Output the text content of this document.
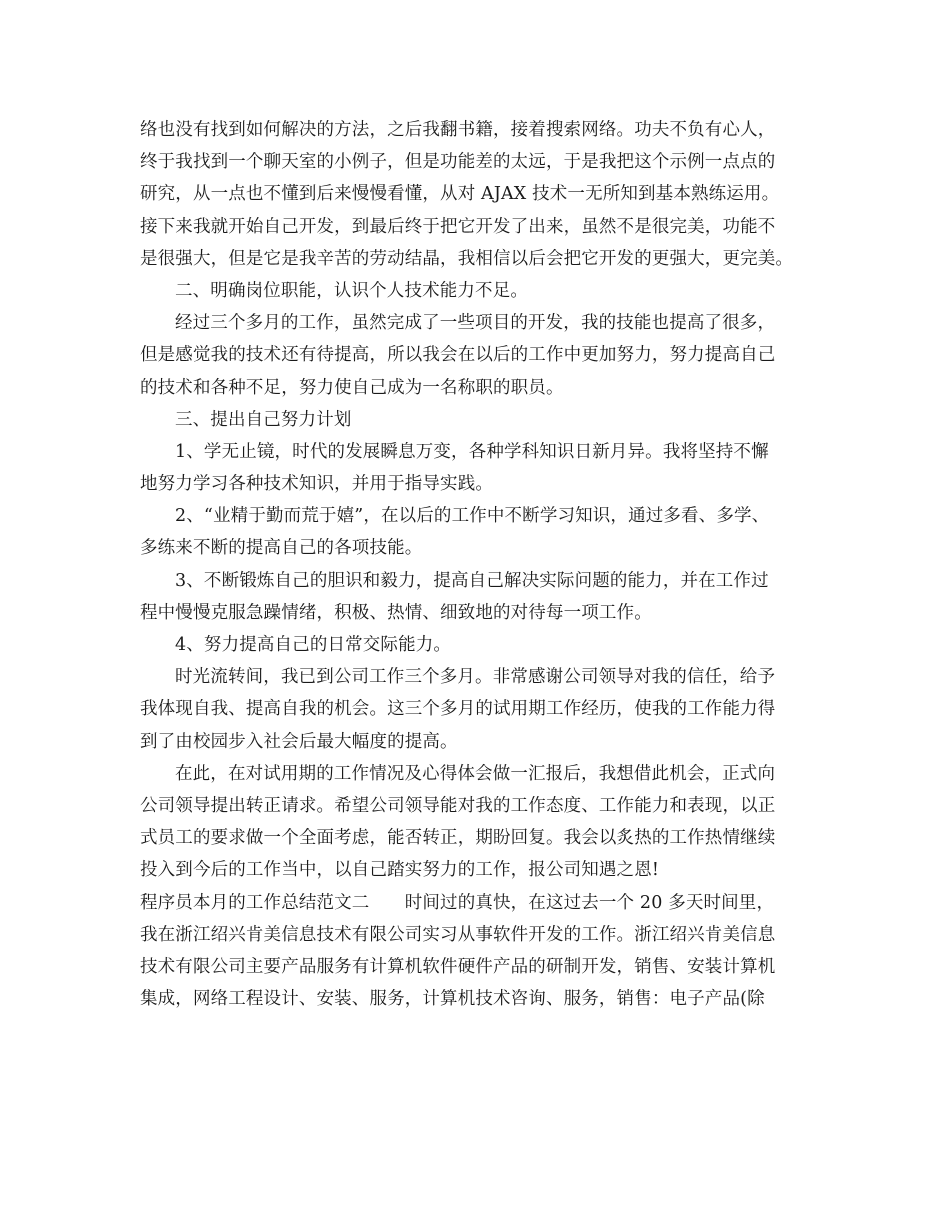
络也没有找到如何解决的方法，之后我翻书籍，接着搜索网络。功夫不负有心人，
终于我找到一个聊天室的小例子，但是功能差的太远，于是我把这个示例一点点的
研究，从一点也不懂到后来慢慢看懂，从对 AJAX 技术一无所知到基本熟练运用。
接下来我就开始自己开发，到最后终于把它开发了出来，虽然不是很完美，功能不
是很强大，但是它是我辛苦的劳动结晶，我相信以后会把它开发的更强大，更完美。
二、明确岗位职能，认识个人技术能力不足。
经过三个多月的工作，虽然完成了一些项目的开发，我的技能也提高了很多，
但是感觉我的技术还有待提高，所以我会在以后的工作中更加努力，努力提高自己
的技术和各种不足，努力使自己成为一名称职的职员。
三、提出自己努力计划
1、学无止镜，时代的发展瞬息万变，各种学科知识日新月异。我将坚持不懈
地努力学习各种技术知识，并用于指导实践。
2、“业精于勤而荒于嬉”，在以后的工作中不断学习知识，通过多看、多学、
多练来不断的提高自己的各项技能。
3、不断锻炼自己的胆识和毅力，提高自己解决实际问题的能力，并在工作过
程中慢慢克服急躁情绪，积极、热情、细致地的对待每一项工作。
4、努力提高自己的日常交际能力。
时光流转间，我已到公司工作三个多月。非常感谢公司领导对我的信任，给予
我体现自我、提高自我的机会。这三个多月的试用期工作经历，使我的工作能力得
到了由校园步入社会后最大幅度的提高。
在此，在对试用期的工作情况及心得体会做一汇报后，我想借此机会，正式向
公司领导提出转正请求。希望公司领导能对我的工作态度、工作能力和表现，以正
式员工的要求做一个全面考虑，能否转正，期盼回复。我会以炙热的工作热情继续
投入到今后的工作当中，以自己踏实努力的工作，报公司知遇之恩!
程序员本月的工作总结范文二　　时间过的真快，在这过去一个 20 多天时间里，
我在浙江绍兴肯美信息技术有限公司实习从事软件开发的工作。浙江绍兴肯美信息
技术有限公司主要产品服务有计算机软件硬件产品的研制开发，销售、安装计算机
集成，网络工程设计、安装、服务，计算机技术咨询、服务，销售：电子产品(除
